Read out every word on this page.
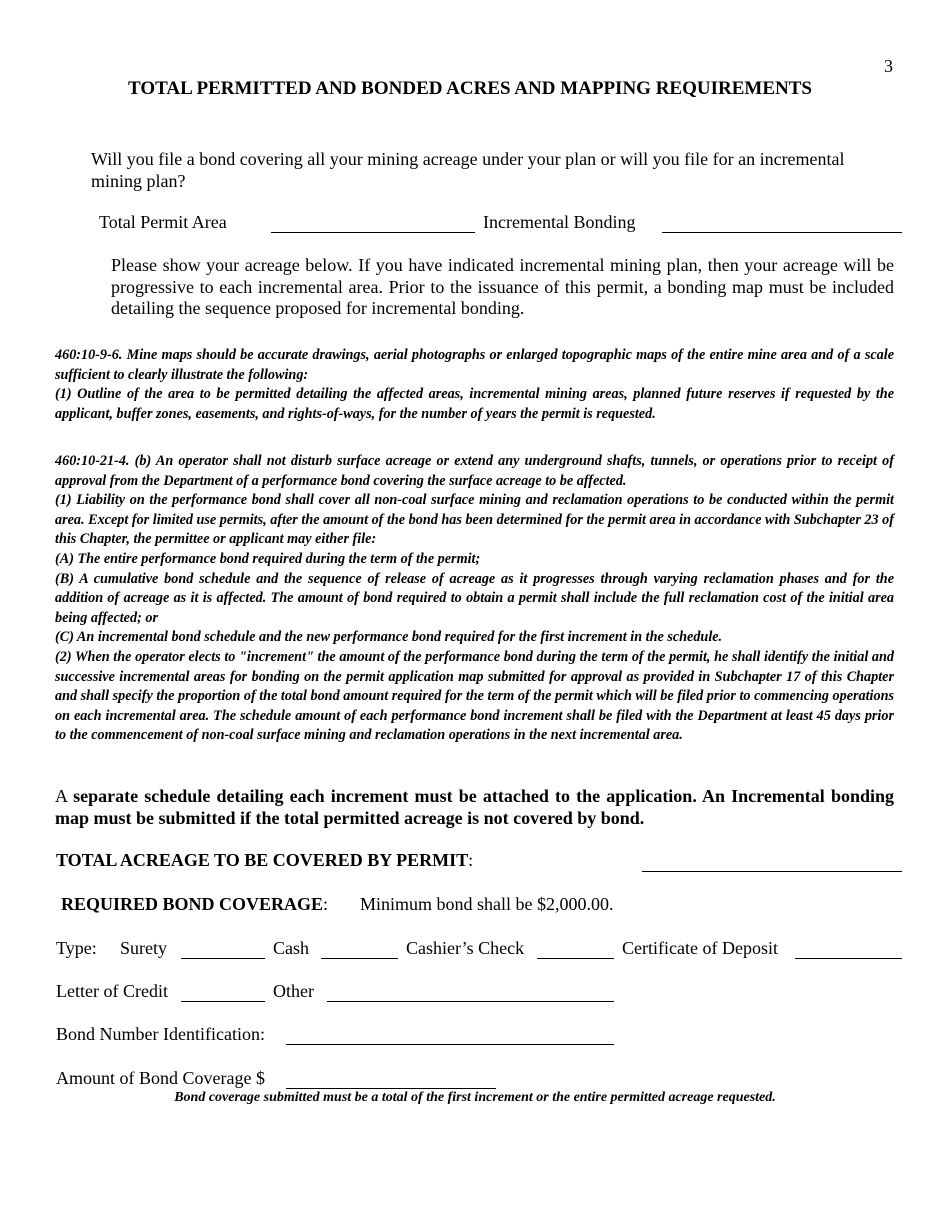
3
TOTAL PERMITTED AND BONDED ACRES AND MAPPING REQUIREMENTS
Will you file a bond covering all your mining acreage under your plan or will you file for an incremental mining plan?
Total Permit Area	Incremental Bonding
Please show your acreage below. If you have indicated incremental mining plan, then your acreage will be progressive to each incremental area. Prior to the issuance of this permit, a bonding map must be included detailing the sequence proposed for incremental bonding.

460:10-9-6. Mine maps should be accurate drawings, aerial photographs or enlarged topographic maps of the entire mine area and of a scale sufficient to clearly illustrate the following:

(1) Outline of the area to be permitted detailing the affected areas, incremental mining areas, planned future reserves if requested by the applicant, buffer zones, easements, and rights-of-ways, for the number of years the permit is requested.

460:10-21-4. (b) An operator shall not disturb surface acreage or extend any underground shafts, tunnels, or operations prior to receipt of approval from the Department of a performance bond covering the surface acreage to be affected.

(1) Liability on the performance bond shall cover all non-coal surface mining and reclamation operations to be conducted within the permit area. Except for limited use permits, after the amount of the bond has been determined for the permit area in accordance with Subchapter 23 of this Chapter, the permittee or applicant may either file:

(A) The entire performance bond required during the term of the permit;

(B) A cumulative bond schedule and the sequence of release of acreage as it progresses through varying reclamation phases and for the addition of acreage as it is affected. The amount of bond required to obtain a permit shall include the full reclamation cost of the initial area being affected; or

(C) An incremental bond schedule and the new performance bond required for the first increment in the schedule.

(2) When the operator elects to "increment" the amount of the performance bond during the term of the permit, he shall identify the initial and successive incremental areas for bonding on the permit application map submitted for approval as provided in Subchapter 17 of this Chapter and shall specify the proportion of the total bond amount required for the term of the permit which will be filed prior to commencing operations on each incremental area. The schedule amount of each performance bond increment shall be filed with the Department at least 45 days prior to the commencement of non-coal surface mining and reclamation operations in the next incremental area.

A separate schedule detailing each increment must be attached to the application. An Incremental bonding map must be submitted if the total permitted acreage is not covered by bond.
TOTAL ACREAGE TO BE COVERED BY PERMIT:
REQUIRED BOND COVERAGE: Minimum bond shall be $2,000.00.
Type: Surety	Cash	Cashier’s Check	Certificate of Deposit
Letter of Credit	Other
Bond Number Identification:
Amount of Bond Coverage $
Bond coverage submitted must be a total of the first increment or the entire permitted acreage requested.
